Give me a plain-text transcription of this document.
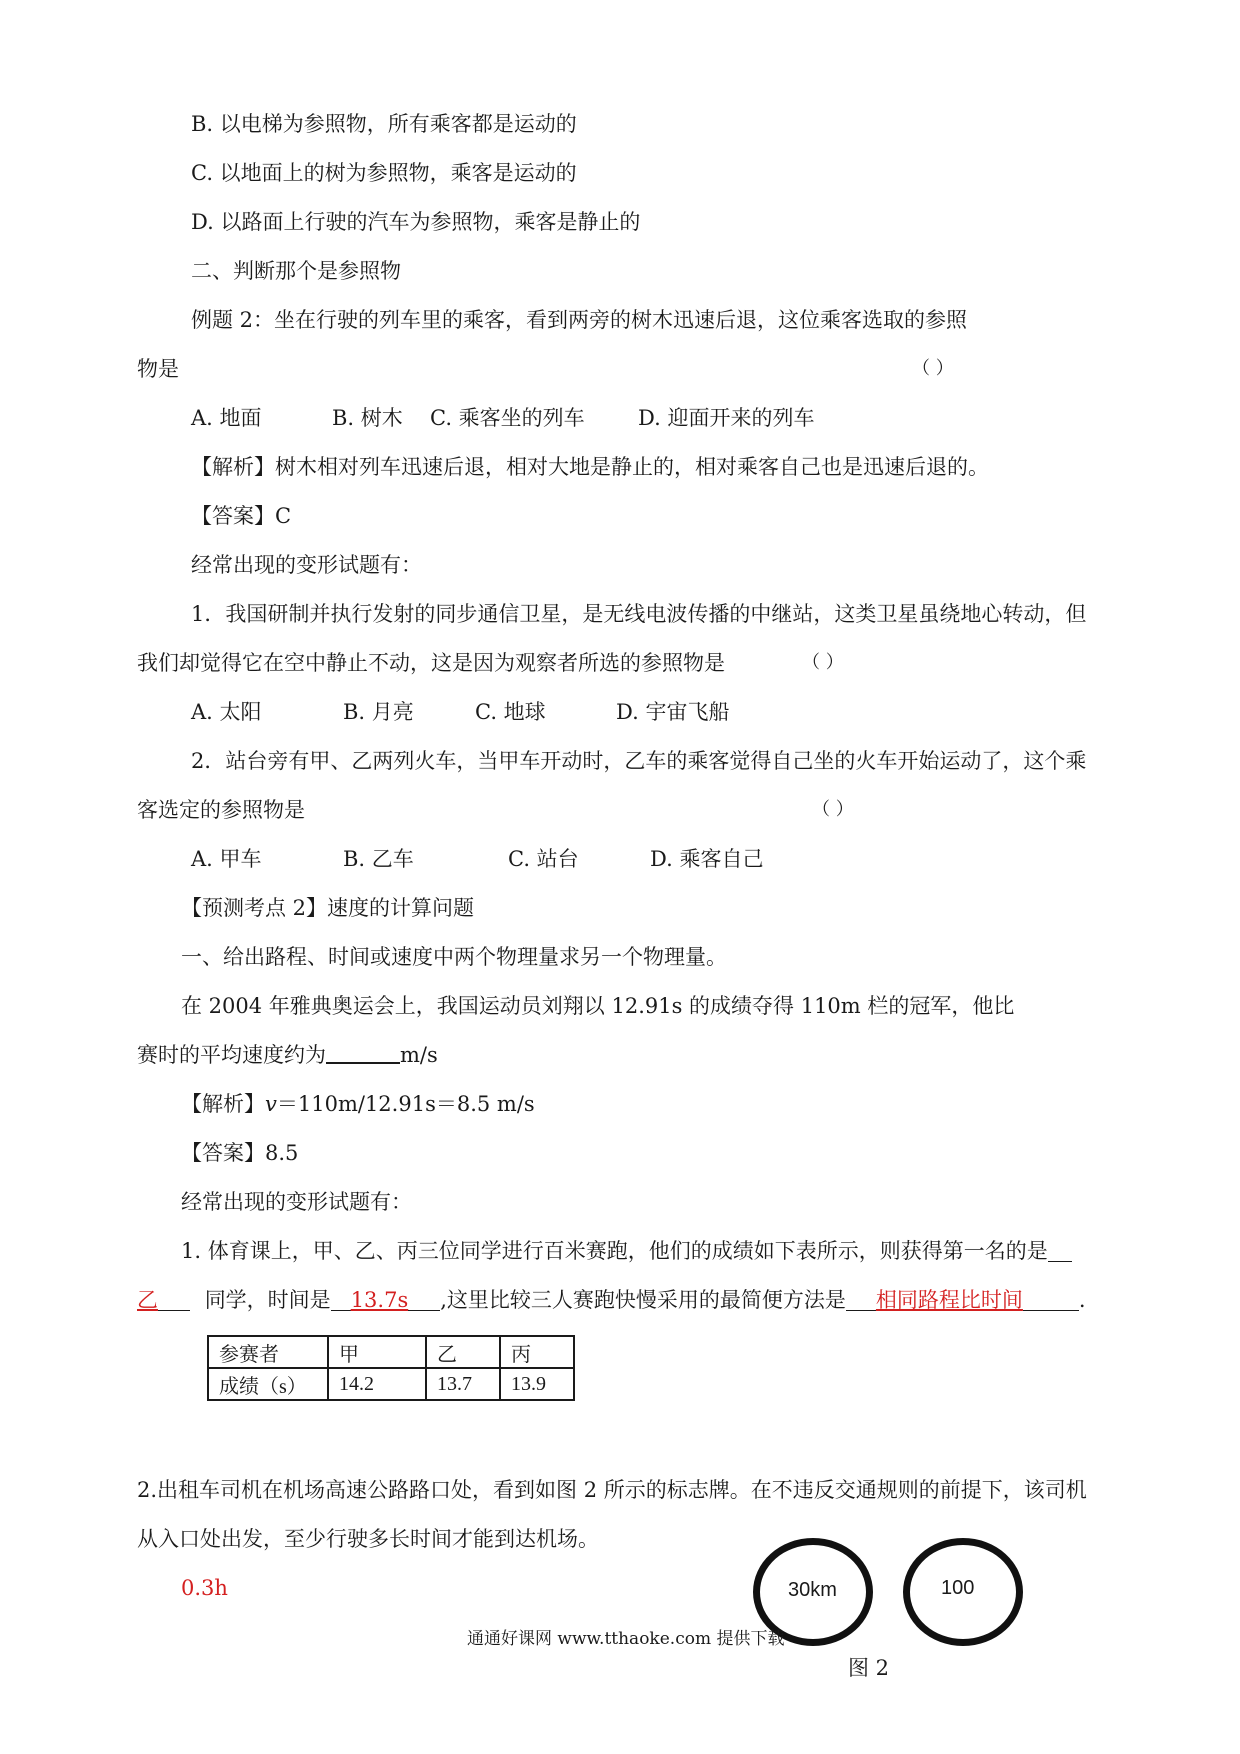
B. 以电梯为参照物，所有乘客都是运动的
C. 以地面上的树为参照物，乘客是运动的
D. 以路面上行驶的汽车为参照物，乘客是静止的
二、判断那个是参照物
例题 2：坐在行驶的列车里的乘客，看到两旁的树木迅速后退，这位乘客选取的参照
物是	（ ）
A. 地面	B. 树木 C. 乘客坐的列车	D. 迎面开来的列车
【解析】树木相对列车迅速后退，相对大地是静止的，相对乘客自己也是迅速后退的。
【答案】C
经常出现的变形试题有：
1．我国研制并执行发射的同步通信卫星，是无线电波传播的中继站，这类卫星虽绕地心转动，但
我们却觉得它在空中静止不动，这是因为观察者所选的参照物是	（ ）
A. 太阳	B. 月亮	C. 地球	D. 宇宙飞船
2．站台旁有甲、乙两列火车，当甲车开动时，乙车的乘客觉得自己坐的火车开始运动了，这个乘
客选定的参照物是	（ ）
A. 甲车	B. 乙车	C. 站台	D. 乘客自己
【预测考点 2】速度的计算问题
一、给出路程、时间或速度中两个物理量求另一个物理量。
在 2004 年雅典奥运会上，我国运动员刘翔以 12.91s 的成绩夺得 110m 栏的冠军，他比
赛时的平均速度约为	m/s
【解析】v＝110m/12.91s＝8.5 m/s
【答案】8.5
经常出现的变形试题有：
1. 体育课上，甲、乙、丙三位同学进行百米赛跑，他们的成绩如下表所示，则获得第一名的是
乙 同学，时间是 13.7s ,这里比较三人赛跑快慢采用的最简便方法是 相同路程比时间	.
参赛者	甲	乙	丙
成绩（s）	14.2	13.7	13.9
2.出租车司机在机场高速公路路口处，看到如图 2 所示的标志牌。在不违反交通规则的前提下，该司机
从入口处出发，至少行驶多长时间才能到达机场。
0.3h	30km	100
通通好课网 www.tthaoke.com 提供下载
图 2
